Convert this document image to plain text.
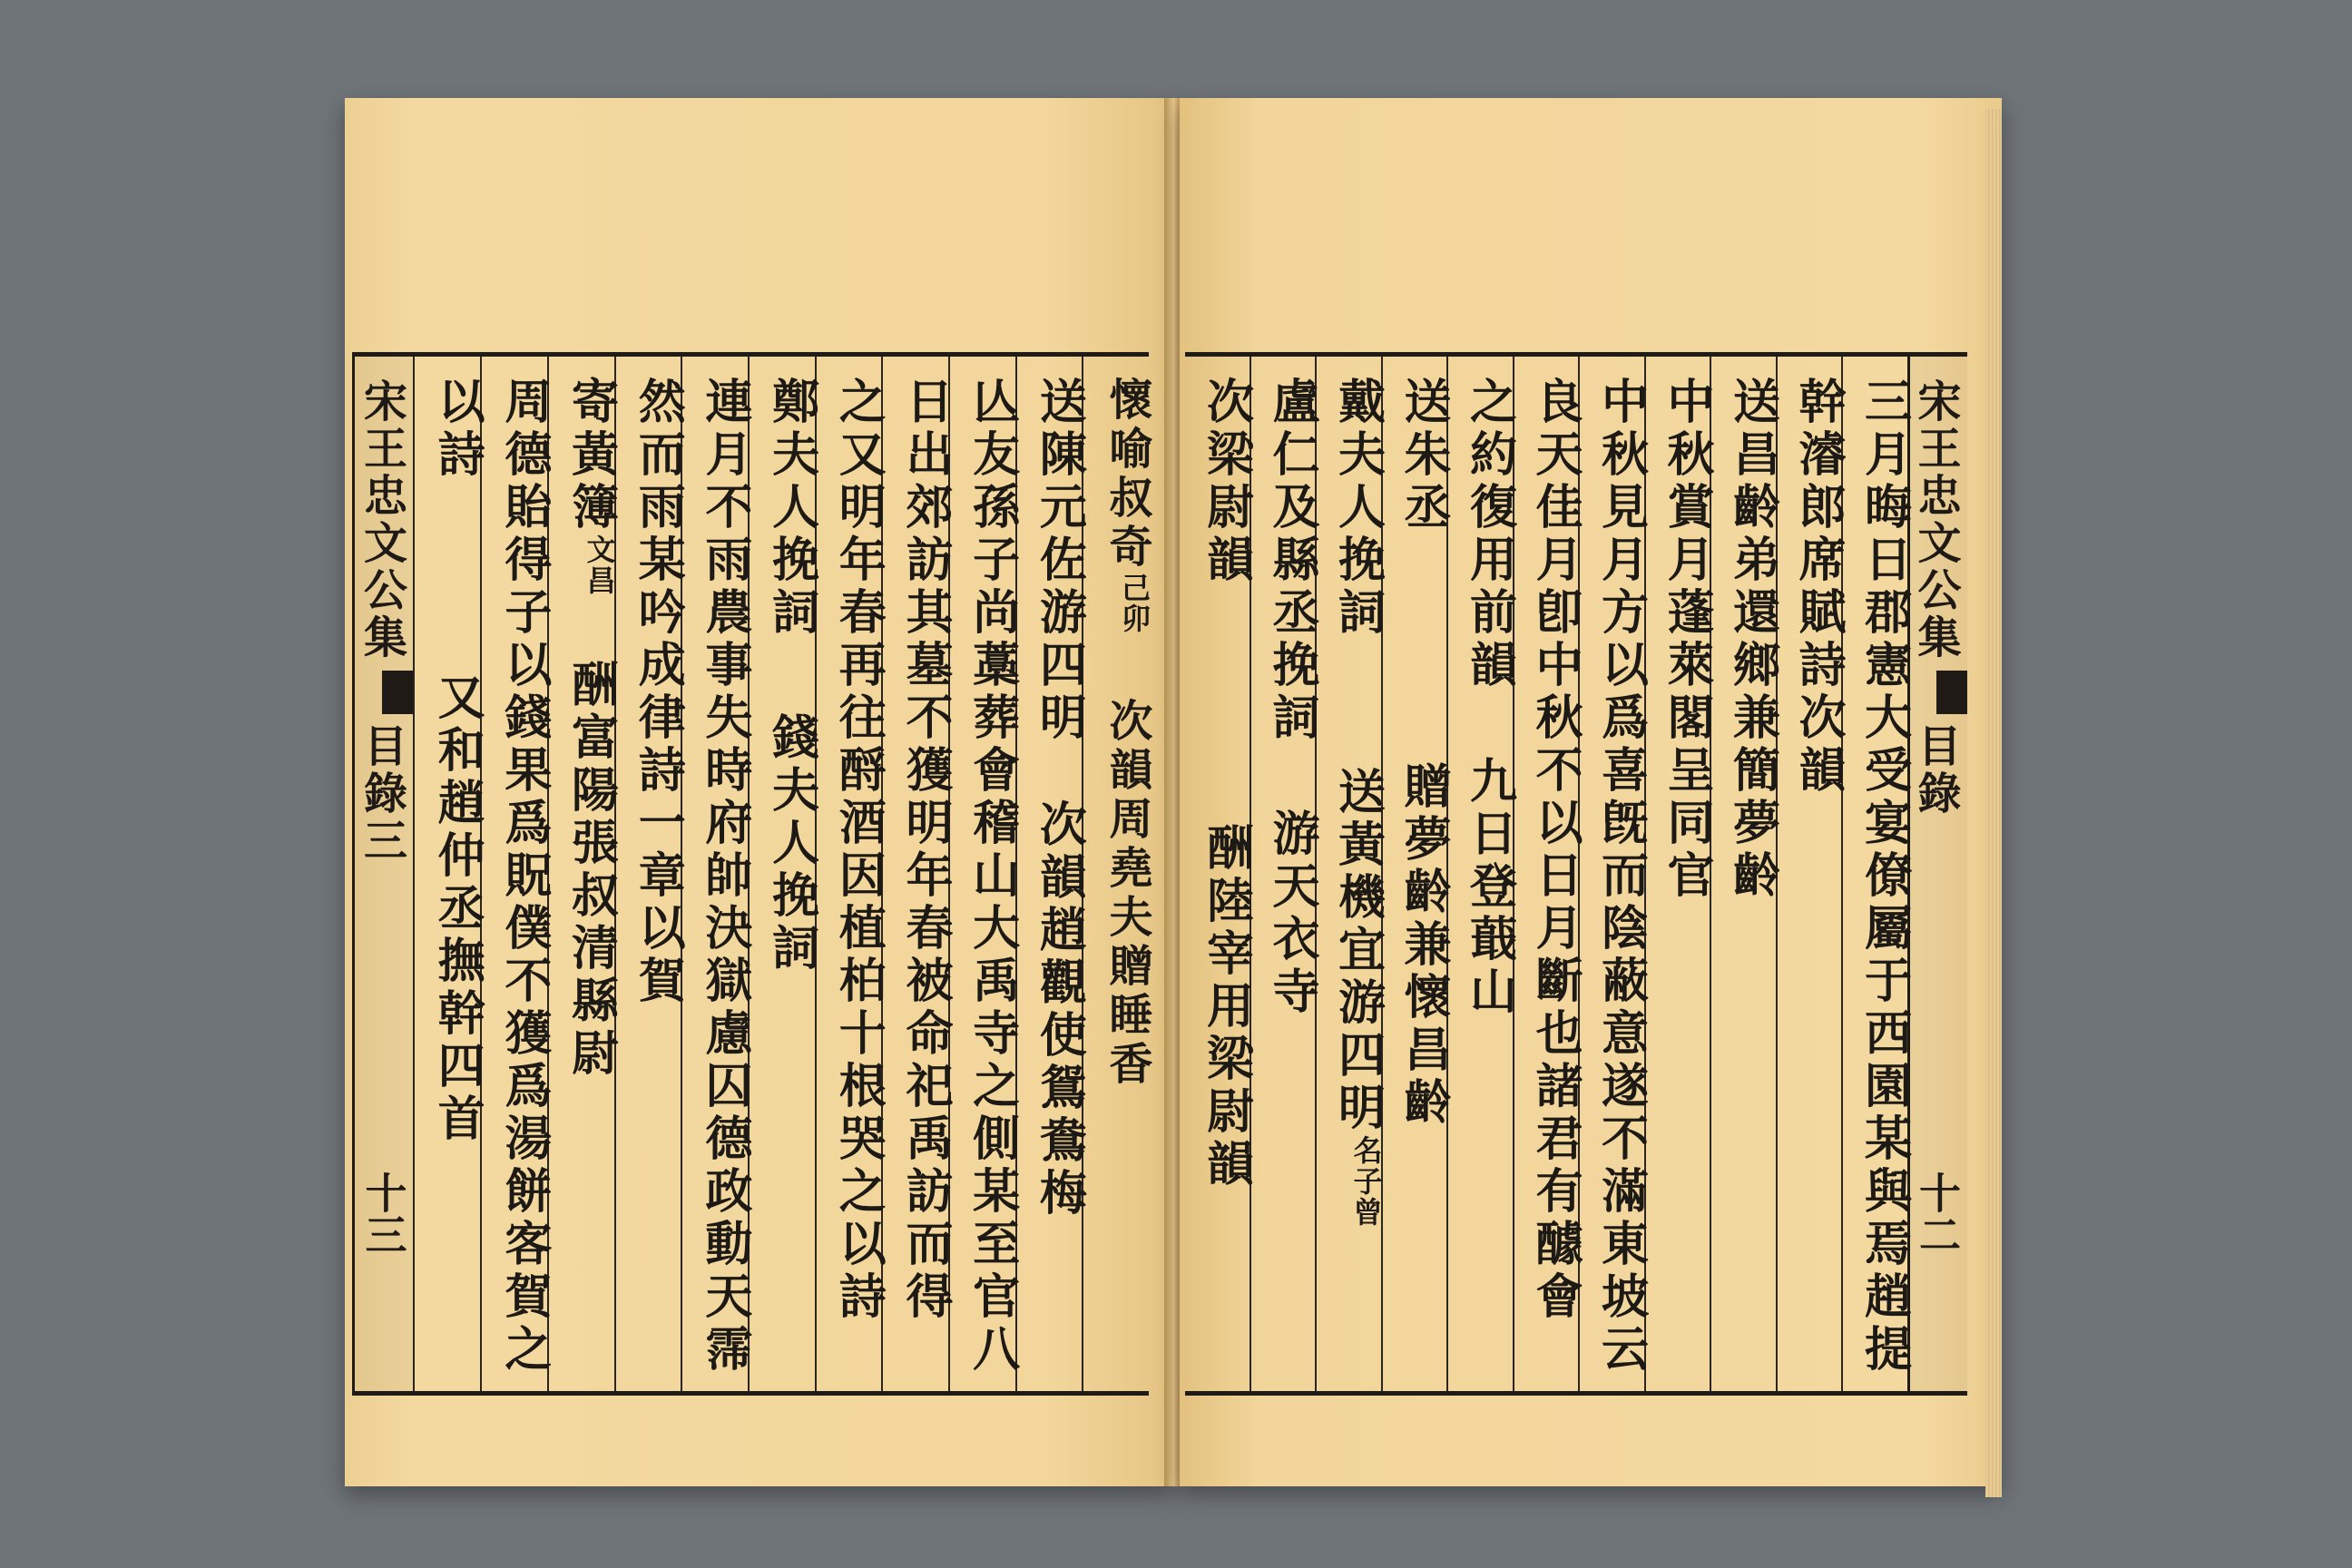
懷喻叔奇
己卯
次韻周堯夫贈睡香
送陳元佐游四明
次韻趙觀使鴛鴦梅
亾友孫子尚藁葬會稽山大禹寺之側某至官八
日出郊訪其墓不獲明年春被命祀禹訪而得
之又明年春再往酹酒因植柏十根哭之以詩
鄭夫人挽詞
錢夫人挽詞
連月不雨農事失時府帥決獄慮囚德政動天霈
然而雨某吟成律詩一章以賀
寄黃簿
文昌
酬富陽張叔清縣尉
周德貽得子以錢果爲貺僕不獲爲湯餅客賀之
以詩
又和趙仲丞撫幹四首
宋王忠文公集
目錄三
十三
宋王忠文公集
目錄
十二
三月晦日郡憲大受宴僚屬于西園某與焉趙提
幹濬郎席賦詩次韻
送昌齡弟還鄉兼簡夢齡
中秋賞月蓬萊閣呈同官
中秋見月方以爲喜旣而陰蔽意遂不滿東坡云
良天佳月卽中秋不以日月斷也諸君有醵會
之約復用前韻
九日登蕺山
送朱丞
贈夢齡兼懷昌齡
戴夫人挽詞
送黃機宜游四明
名子曾
盧仁及縣丞挽詞
游天衣寺
次梁尉韻
酬陸宰用梁尉韻
